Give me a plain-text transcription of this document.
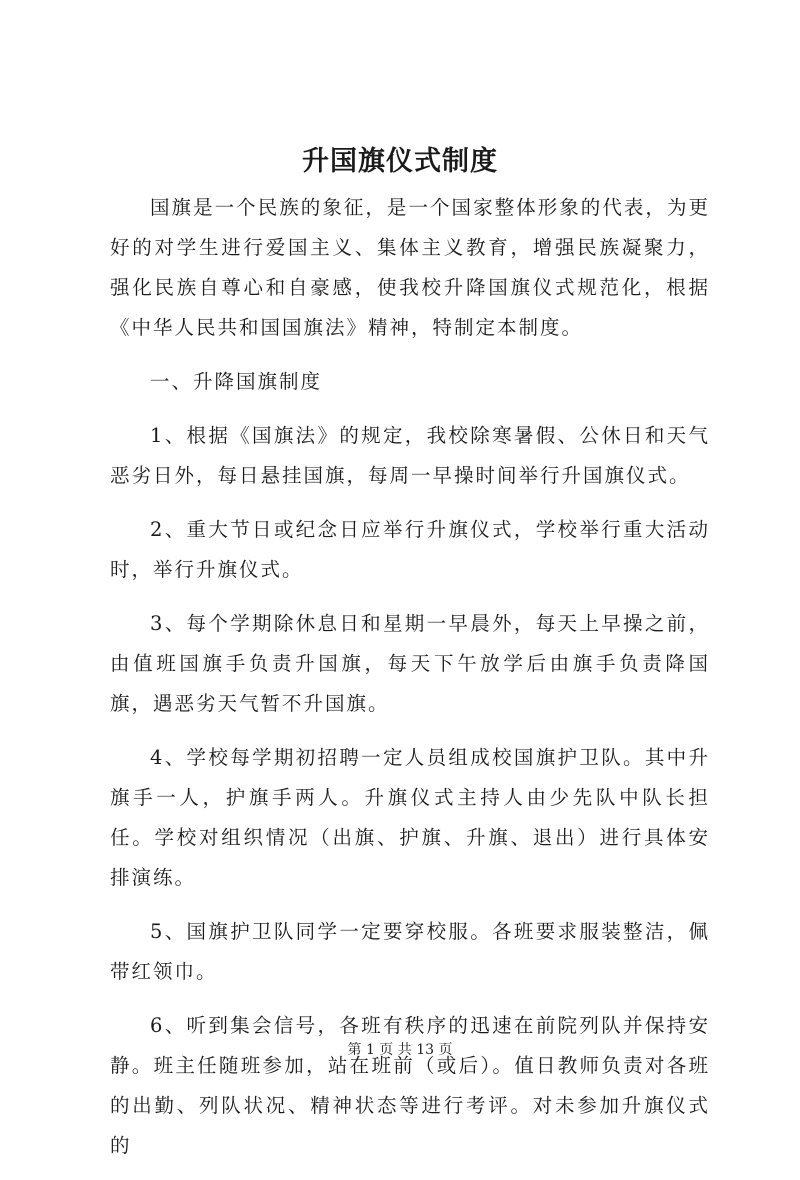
升国旗仪式制度

国旗是一个民族的象征，是一个国家整体形象的代表，为更好的对学生进行爱国主义、集体主义教育，增强民族凝聚力，强化民族自尊心和自豪感，使我校升降国旗仪式规范化，根据《中华人民共和国国旗法》精神，特制定本制度。

一、升降国旗制度

1、根据《国旗法》的规定，我校除寒暑假、公休日和天气恶劣日外，每日悬挂国旗，每周一早操时间举行升国旗仪式。

2、重大节日或纪念日应举行升旗仪式，学校举行重大活动时，举行升旗仪式。

3、每个学期除休息日和星期一早晨外，每天上早操之前，由值班国旗手负责升国旗，每天下午放学后由旗手负责降国旗，遇恶劣天气暂不升国旗。

4、学校每学期初招聘一定人员组成校国旗护卫队。其中升旗手一人，护旗手两人。升旗仪式主持人由少先队中队长担任。学校对组织情况（出旗、护旗、升旗、退出）进行具体安排演练。

5、国旗护卫队同学一定要穿校服。各班要求服装整洁，佩带红领巾。

6、听到集会信号，各班有秩序的迅速在前院列队并保持安静。班主任随班参加，站在班前（或后）。值日教师负责对各班的出勤、列队状况、精神状态等进行考评。对未参加升旗仪式的

第 1 页 共 13 页
